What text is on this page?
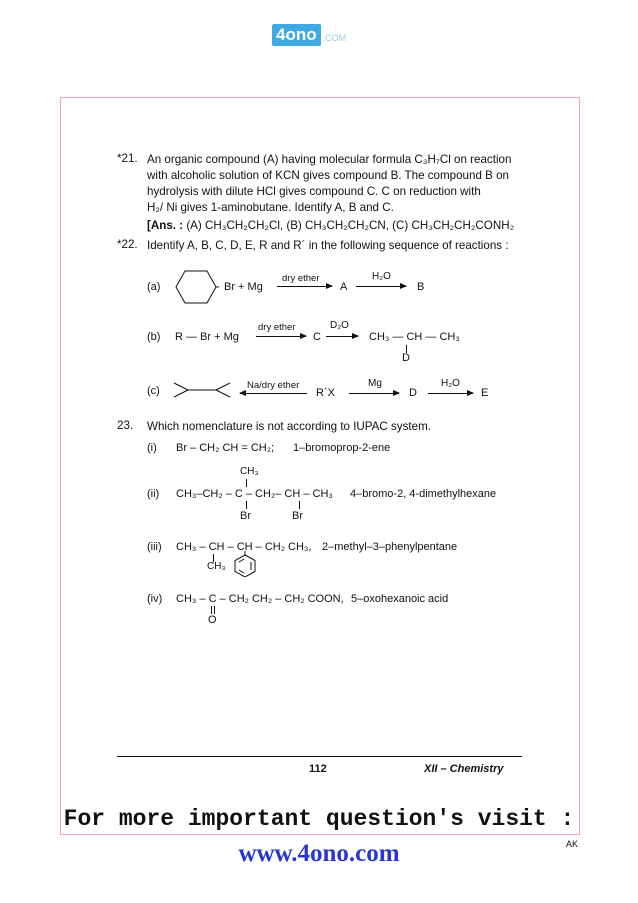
4ono .COM
*21. An organic compound (A) having molecular formula C₃H₇Cl on reaction
with alcoholic solution of KCN gives compound B. The compound B on
hydrolysis with dilute HCl gives compound C. C on reduction with
H₂/ Ni gives 1-aminobutane. Identify A, B and C.
[Ans. : (A) CH₃CH₂CH₂Cl, (B) CH₃CH₂CH₂CN, (C) CH₃CH₂CH₂CONH₂
*22. Identify A, B, C, D, E, R and R´ in the following sequence of reactions :
(a)	Br + Mg
dry ether
A
H₂O
B
(b) R — Br + Mg
dry ether
C
D₂O
CH₃ — CH — CH₃
D
(c)	Na/dry ether
R´X
Mg
D
H₂O
E
23. Which nomenclature is not according to IUPAC system.
(i) Br – CH₂ CH = CH₂; 1–bromoprop-2-ene
CH₃
(ii) CH₃–CH₂ – C – CH₂– CH – CH₃ 4–bromo-2, 4-dimethylhexane
Br	Br
(iii) CH₃ – CH – CH – CH₂ CH₃, 2–methyl–3–phenylpentane
CH₃
(iv) CH₃ – C – CH₂ CH₂ – CH₂ COON, 5–oxohexanoic acid
O
112	XII – Chemistry
For more important question's visit :
www.4ono.com	AK
